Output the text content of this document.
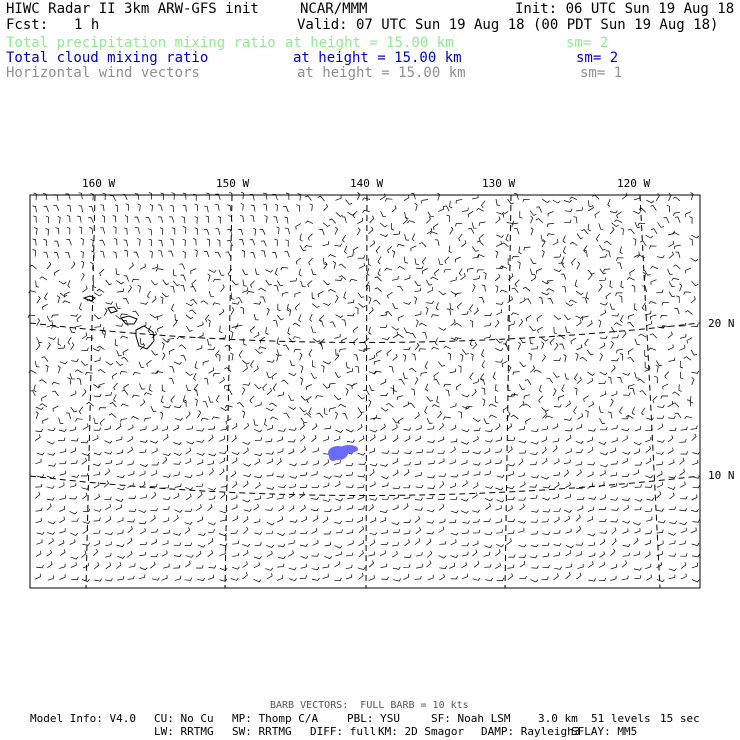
HIWC Radar II 3km ARW-GFS init	NCAR/MMM	Init: 06 UTC Sun 19 Aug 18
Fcst: 1 h	Valid: 07 UTC Sun 19 Aug 18 (00 PDT Sun 19 Aug 18)
Total precipitation mixing ratio at height = 15.00 km	sm= 2
Total cloud mixing ratio	at height = 15.00 km	sm= 2
Horizontal wind vectors	at height = 15.00 km	sm= 1
160 W	150 W	140 W	130 W	120 W
20 N
10 N
BARB VECTORS:  FULL BARB = 10 kts
Model Info: V4.0 CU: No Cu MP: Thomp C/A	PBL: YSU	SF: Noah LSM	3.0 km 51 levels 15 sec
LW: RRTMG SW: RRTMG DIFF: full KM: 2D Smagor DAMP: Rayleigh3
SFLAY: MM5
